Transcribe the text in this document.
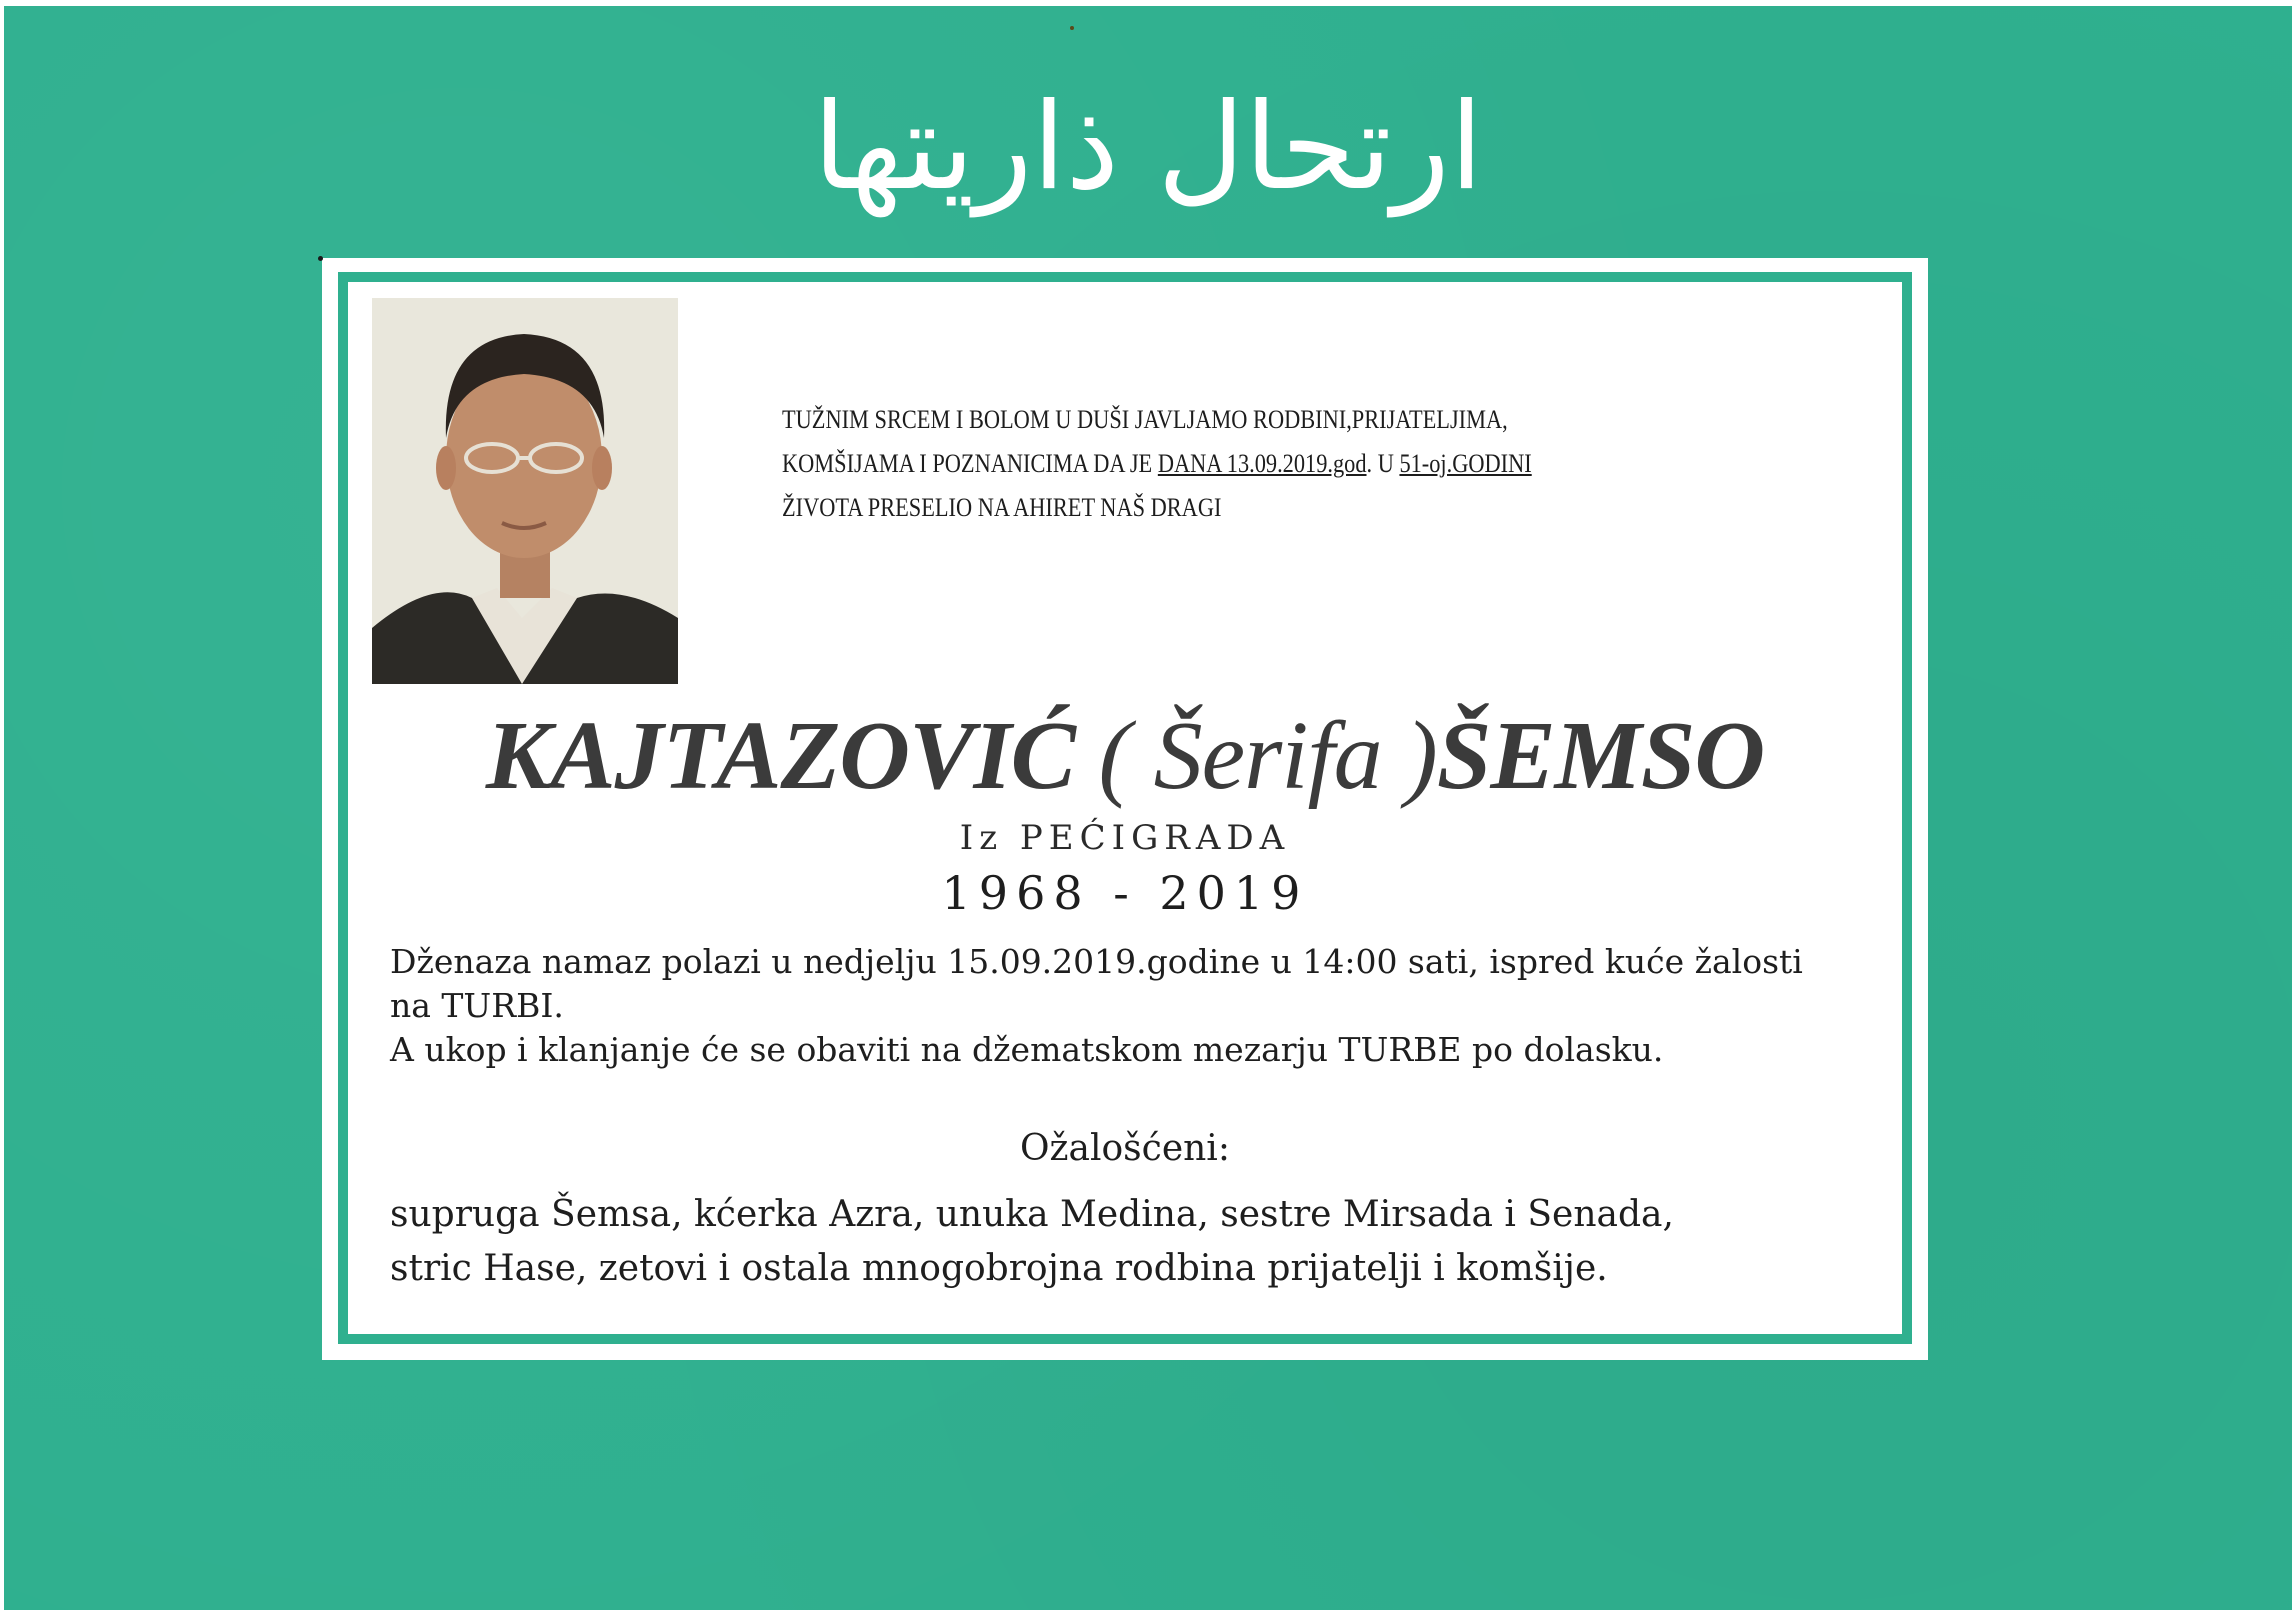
ارتحال ذاريتها
TUŽNIM SRCEM I BOLOM U DUŠI JAVLJAMO RODBINI,PRIJATELJIMA,
KOMŠIJAMA I POZNANICIMA DA JE DANA 13.09.2019.god. U 51-oj.GODINI
ŽIVOTA PRESELIO NA AHIRET NAŠ DRAGI
KAJTAZOVIĆ ( Šerifa )ŠEMSO
Iz PEĆIGRADA
1968 - 2019
Dženaza namaz polazi u nedjelju 15.09.2019.godine u 14:00 sati, ispred kuće žalosti
na TURBI.
A ukop i klanjanje će se obaviti na džematskom mezarju TURBE po dolasku.
Ožalošćeni:
supruga Šemsa, kćerka Azra, unuka Medina, sestre Mirsada i Senada,
stric Hase, zetovi i ostala mnogobrojna rodbina prijatelji i komšije.
